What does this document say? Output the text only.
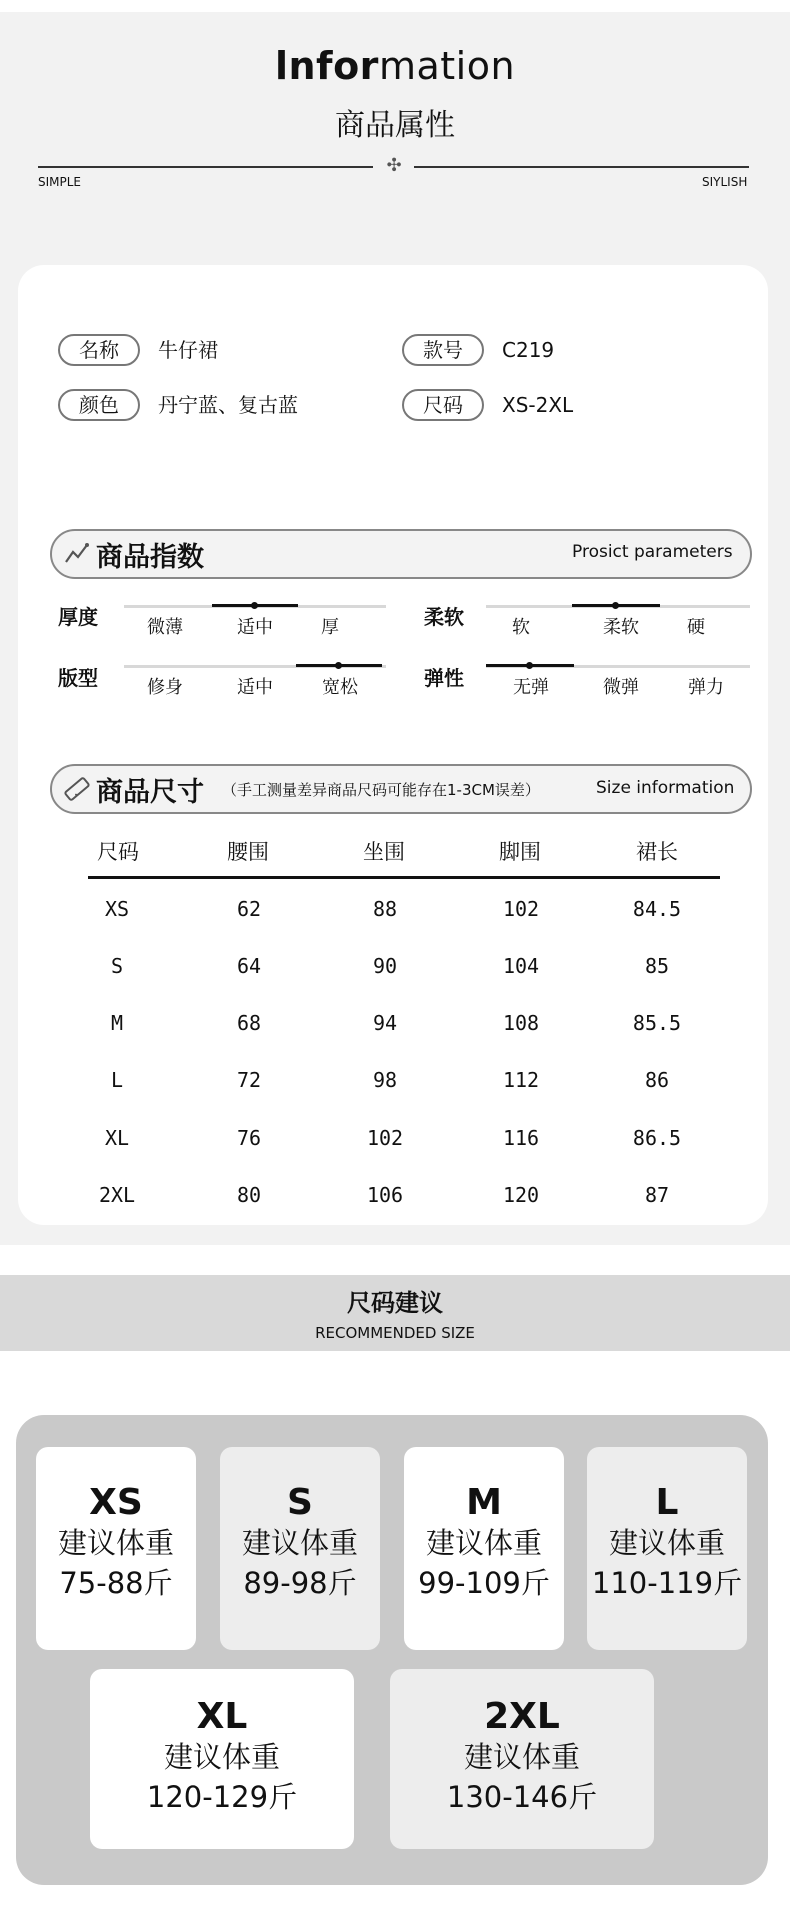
lnformation
商品属性
✣
SIMPLE	SIYLISH
名称	牛仔裙	款号	C219
颜色	丹宁蓝、复古蓝	尺码	XS-2XL
商品指数	Prosict parameters
厚度	微薄	适中	厚	柔软	软	柔软	硬
版型	修身	适中	宽松	弹性	无弹	微弹	弹力
商品尺寸 （手工测量差异商品尺码可能存在1-3CM误差）	Size information
尺码	腰围	坐围	脚围	裙长
XS	62	88	102	84.5
S	64	90	104	85
M	68	94	108	85.5
L	72	98	112	86
XL	76	102	116	86.5
2XL	80	106	120	87
尺码建议
RECOMMENDED SIZE
XS
建议体重
75-88斤
S
建议体重
89-98斤
M
建议体重
99-109斤
L
建议体重
110-119斤
XL
建议体重
120-129斤
2XL
建议体重
130-146斤
